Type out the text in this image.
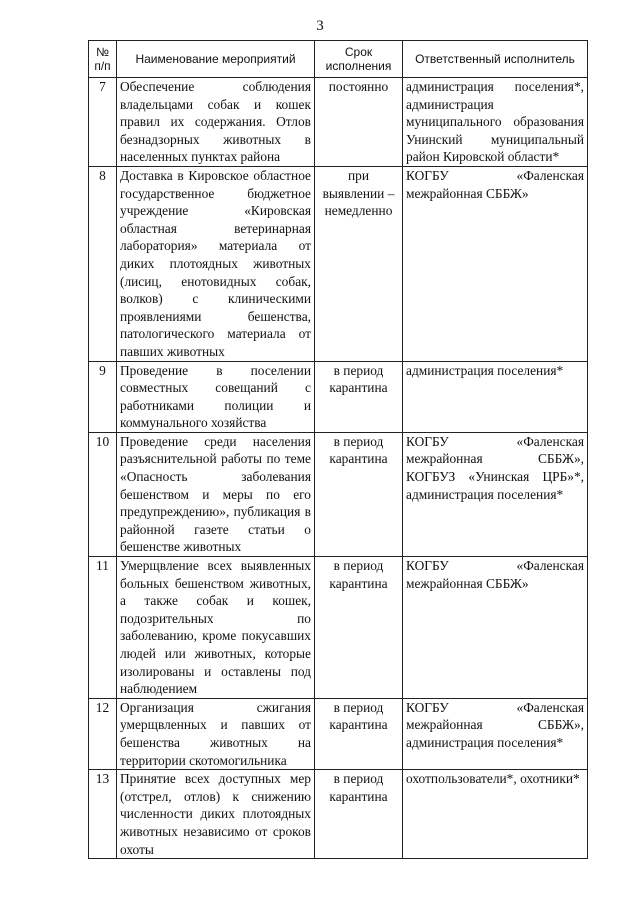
3
№ п/п	Наименование мероприятий	Срок исполнения	Ответственный исполнитель
7	Обеспечение соблюдения владельцами собак и кошек правил их содержания. Отлов безнадзорных животных в населенных пунктах района	постоянно	администрация поселения*, администрация муниципального образования Унинский муниципальный район Кировской области*
8	Доставка в Кировское областное государственное бюджетное учреждение «Кировская областная ветеринарная лаборатория» материала от диких плотоядных животных (лисиц, енотовидных собак, волков) с клиническими проявлениями бешенства, патологического материала от павших животных	при выявлении – немедленно	КОГБУ «Фаленская межрайонная СББЖ»
9	Проведение в поселении совместных совещаний с работниками полиции и коммунального хозяйства	в период карантина	администрация поселения*
10	Проведение среди населения разъяснительной работы по теме «Опасность заболевания бешенством и меры по его предупреждению», публикация в районной газете статьи о бешенстве животных	в период карантина	КОГБУ «Фаленская межрайонная СББЖ», КОГБУЗ «Унинская ЦРБ»*, администрация поселения*
11	Умерщвление всех выявленных больных бешенством животных, а также собак и кошек, подозрительных по заболеванию, кроме покусавших людей или животных, которые изолированы и оставлены под наблюдением	в период карантина	КОГБУ «Фаленская межрайонная СББЖ»
12	Организация сжигания умерщвленных и павших от бешенства животных на территории скотомогильника	в период карантина	КОГБУ «Фаленская межрайонная СББЖ», администрация поселения*
13	Принятие всех доступных мер (отстрел, отлов) к снижению численности диких плотоядных животных независимо от сроков охоты	в период карантина	охотпользователи*, охотники*
